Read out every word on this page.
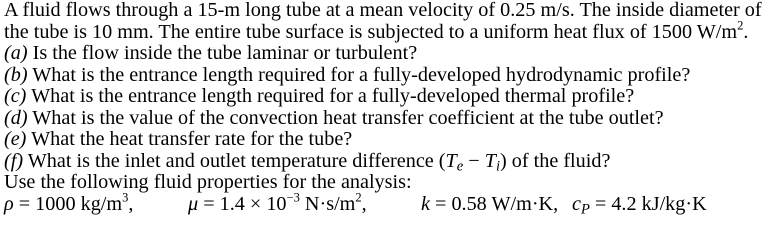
A fluid flows through a 15-m long tube at a mean velocity of 0.25 m/s. The inside diameter of
the tube is 10 mm. The entire tube surface is subjected to a uniform heat flux of 1500 $W/m^2$.
(a) Is the flow inside the tube laminar or turbulent?
(b) What is the entrance length required for a fully-developed hydrodynamic profile?
(c) What is the entrance length required for a fully-developed thermal profile?
(d) What is the value of the convection heat transfer coefficient at the tube outlet?
(e) What the heat transfer rate for the tube?
(f) What is the inlet and outlet temperature difference $(T_e - T_i)$ of the fluid?
Use the following fluid properties for the analysis:
ρ = 1000 $kg/m^3$,	$\mu = 1.4 \times 10^{-3}$ $N\cdot s/m^2$,	k = 0.58 W/m·K, $c_P = 4.2$ kJ/kg·K
